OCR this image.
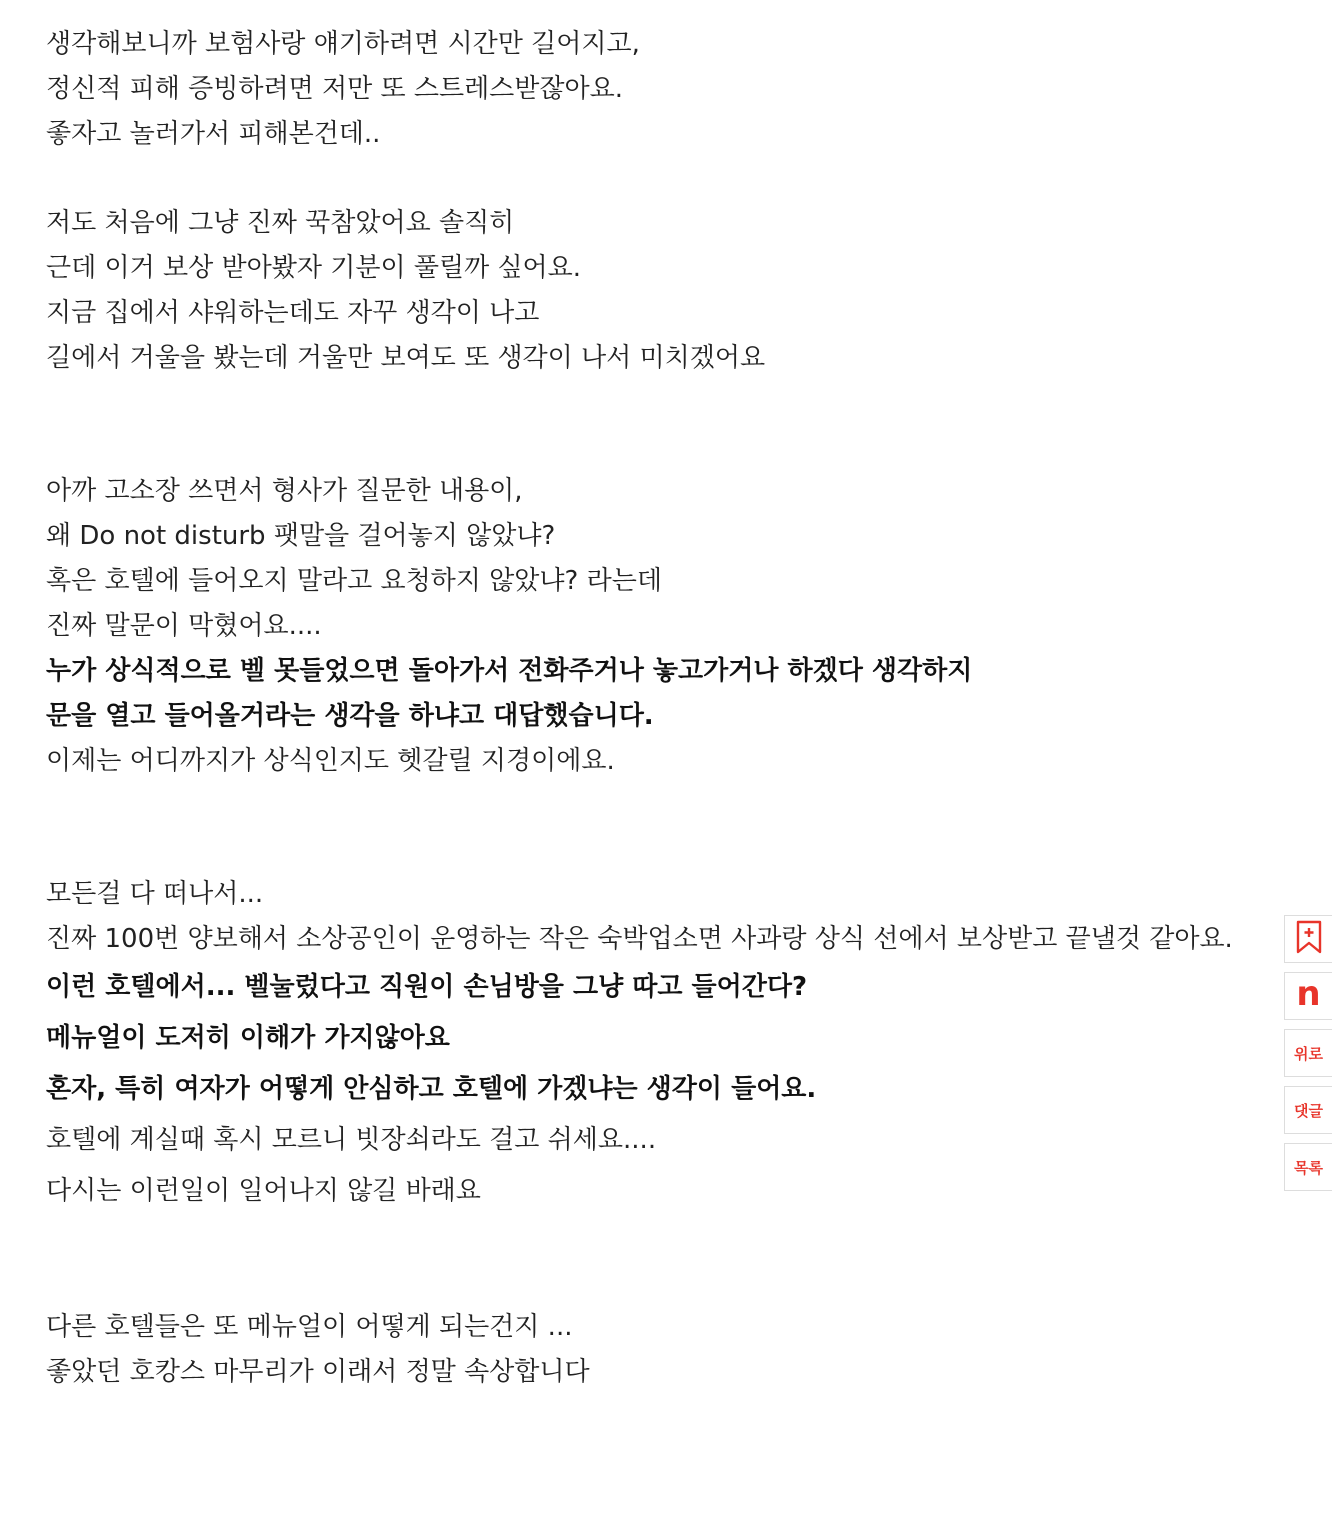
생각해보니까 보험사랑 얘기하려면 시간만 길어지고,

정신적 피해 증빙하려면 저만 또 스트레스받잖아요.

좋자고 놀러가서 피해본건데..

저도 처음에 그냥 진짜 꾹참았어요 솔직히

근데 이거 보상 받아봤자 기분이 풀릴까 싶어요.

지금 집에서 샤워하는데도 자꾸 생각이 나고

길에서 거울을 봤는데 거울만 보여도 또 생각이 나서 미치겠어요

아까 고소장 쓰면서 형사가 질문한 내용이,

왜 Do not disturb 팻말을 걸어놓지 않았냐?

혹은 호텔에 들어오지 말라고 요청하지 않았냐? 라는데

진짜 말문이 막혔어요....

누가 상식적으로 벨 못들었으면 돌아가서 전화주거나 놓고가거나 하겠다 생각하지

문을 열고 들어올거라는 생각을 하냐고 대답했습니다.

이제는 어디까지가 상식인지도 헷갈릴 지경이에요.

모든걸 다 떠나서...

진짜 100번 양보해서 소상공인이 운영하는 작은 숙박업소면 사과랑 상식 선에서 보상받고 끝낼것 같아요.

이런 호텔에서... 벨눌렀다고 직원이 손님방을 그냥 따고 들어간다?

메뉴얼이 도저히 이해가 가지않아요

혼자, 특히 여자가 어떻게 안심하고 호텔에 가겠냐는 생각이 들어요.

호텔에 계실때 혹시 모르니 빗장쇠라도 걸고 쉬세요....

다시는 이런일이 일어나지 않길 바래요

다른 호텔들은 또 메뉴얼이 어떻게 되는건지 ...

좋았던 호캉스 마무리가 이래서 정말 속상합니다

n
위로
댓글
목록
